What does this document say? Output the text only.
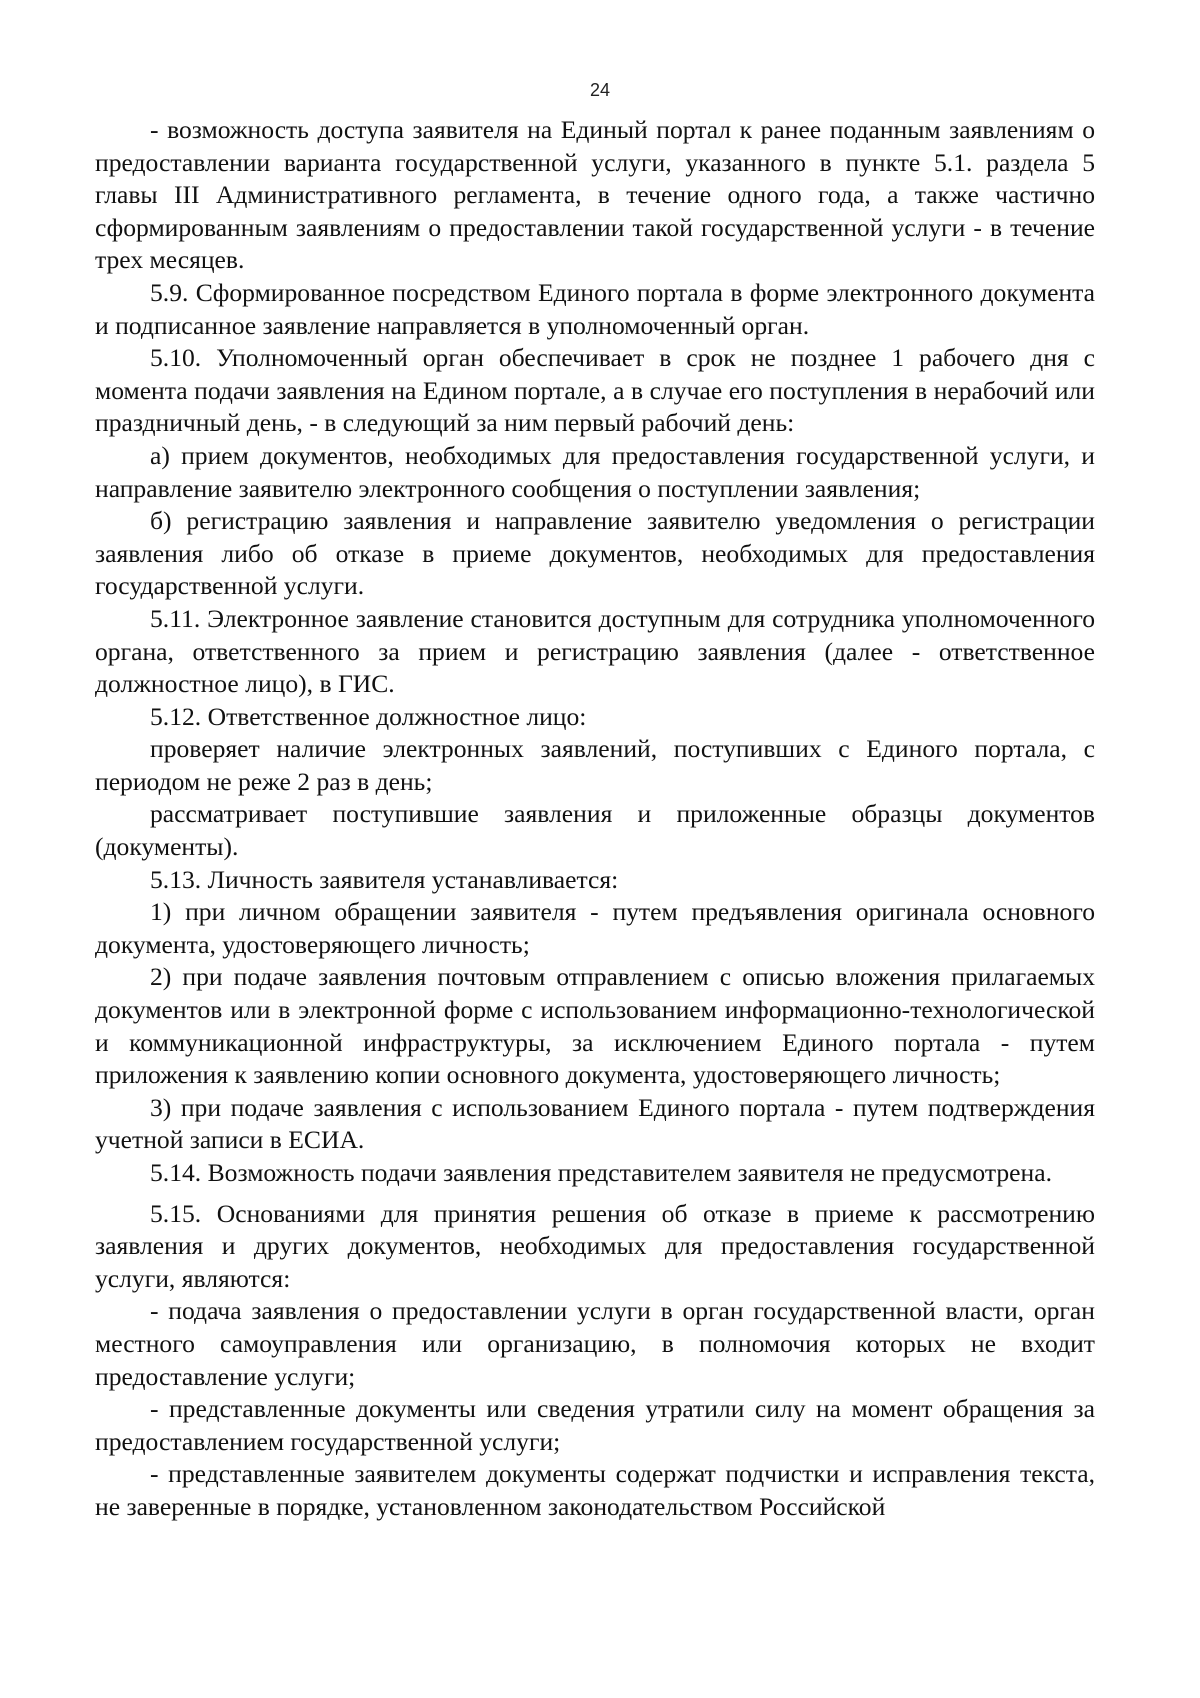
24

- возможность доступа заявителя на Единый портал к ранее поданным заявлениям о предоставлении варианта государственной услуги, указанного в пункте 5.1. раздела 5 главы III Административного регламента, в течение одного года, а также частично сформированным заявлениям о предоставлении такой государственной услуги - в течение трех месяцев.

5.9. Сформированное посредством Единого портала в форме электронного документа и подписанное заявление направляется в уполномоченный орган.

5.10. Уполномоченный орган обеспечивает в срок не позднее 1 рабочего дня с момента подачи заявления на Едином портале, а в случае его поступления в нерабочий или праздничный день, - в следующий за ним первый рабочий день:

а) прием документов, необходимых для предоставления государственной услуги, и направление заявителю электронного сообщения о поступлении заявления;

б) регистрацию заявления и направление заявителю уведомления о регистрации заявления либо об отказе в приеме документов, необходимых для предоставления государственной услуги.

5.11. Электронное заявление становится доступным для сотрудника уполномоченного органа, ответственного за прием и регистрацию заявления (далее - ответственное должностное лицо), в ГИС.

5.12. Ответственное должностное лицо:

проверяет наличие электронных заявлений, поступивших с Единого портала, с периодом не реже 2 раз в день;

рассматривает поступившие заявления и приложенные образцы документов (документы).

5.13. Личность заявителя устанавливается:

1) при личном обращении заявителя - путем предъявления оригинала основного документа, удостоверяющего личность;

2) при подаче заявления почтовым отправлением с описью вложения прилагаемых документов или в электронной форме с использованием информационно-технологической и коммуникационной инфраструктуры, за исключением Единого портала - путем приложения к заявлению копии основного документа, удостоверяющего личность;

3) при подаче заявления с использованием Единого портала - путем подтверждения учетной записи в ЕСИА.

5.14. Возможность подачи заявления представителем заявителя не предусмотрена.

5.15. Основаниями для принятия решения об отказе в приеме к рассмотрению заявления и других документов, необходимых для предоставления государственной услуги, являются:

- подача заявления о предоставлении услуги в орган государственной власти, орган местного самоуправления или организацию, в полномочия которых не входит предоставление услуги;

- представленные документы или сведения утратили силу на момент обращения за предоставлением государственной услуги;

- представленные заявителем документы содержат подчистки и исправления текста, не заверенные в порядке, установленном законодательством Российской
